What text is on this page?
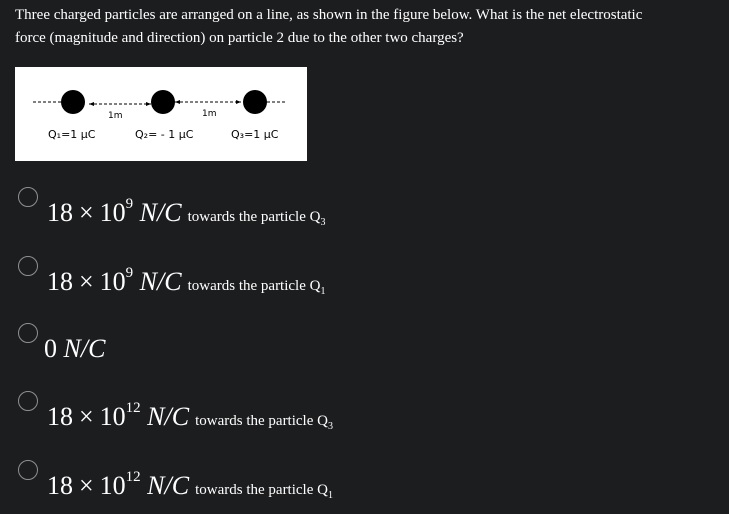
Three charged particles are arranged on a line, as shown in the figure below. What is the net electrostatic
force (magnitude and direction) on particle 2 due to the other two charges?
1m	1m
Q₁=1 μC	Q₂= - 1 μC	Q₃=1 μC
$18 \times 10^9$ N/C towards the particle $Q_3$
$18 \times 10^9$ N/C towards the particle $Q_1$
0 N/C
$18 \times 10^{12}$ N/C towards the particle $Q_3$
$18 \times 10^{12}$ N/C towards the particle $Q_1$
